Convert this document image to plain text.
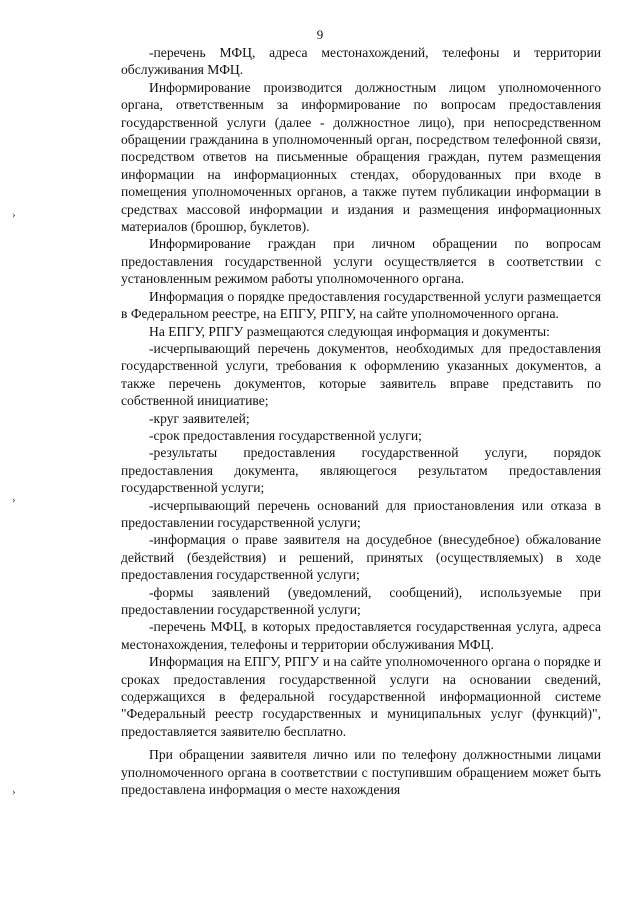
9
›
›
›

-перечень МФЦ, адреса местонахождений, телефоны и территории обслуживания МФЦ.

Информирование производится должностным лицом уполномоченного органа, ответственным за информирование по вопросам предоставления государственной услуги (далее - должностное лицо), при непосредственном обращении гражданина в уполномоченный орган, посредством телефонной связи, посредством ответов на письменные обращения граждан, путем размещения информации на информационных стендах, оборудованных при входе в помещения уполномоченных органов, а также путем публикации информации в средствах массовой информации и издания и размещения информационных материалов (брошюр, буклетов).

Информирование граждан при личном обращении по вопросам предоставления государственной услуги осуществляется в соответствии с установленным режимом работы уполномоченного органа.

Информация о порядке предоставления государственной услуги размещается в Федеральном реестре, на ЕПГУ, РПГУ, на сайте уполномоченного органа.

На ЕПГУ, РПГУ размещаются следующая информация и документы:

-исчерпывающий перечень документов, необходимых для предоставления государственной услуги, требования к оформлению указанных документов, а также перечень документов, которые заявитель вправе представить по собственной инициативе;

-круг заявителей;

-срок предоставления государственной услуги;

-результаты предоставления государственной услуги, порядок предоставления документа, являющегося результатом предоставления государственной услуги;

-исчерпывающий перечень оснований для приостановления или отказа в предоставлении государственной услуги;

-информация о праве заявителя на досудебное (внесудебное) обжалование действий (бездействия) и решений, принятых (осуществляемых) в ходе предоставления государственной услуги;

-формы заявлений (уведомлений, сообщений), используемые при предоставлении государственной услуги;

-перечень МФЦ, в которых предоставляется государственная услуга, адреса местонахождения, телефоны и территории обслуживания МФЦ.

Информация на ЕПГУ, РПГУ и на сайте уполномоченного органа о порядке и сроках предоставления государственной услуги на основании сведений, содержащихся в федеральной государственной информационной системе "Федеральный реестр государственных и муниципальных услуг (функций)", предоставляется заявителю бесплатно.

При обращении заявителя лично или по телефону должностными лицами уполномоченного органа в соответствии с поступившим обращением может быть предоставлена информация о месте нахождения
